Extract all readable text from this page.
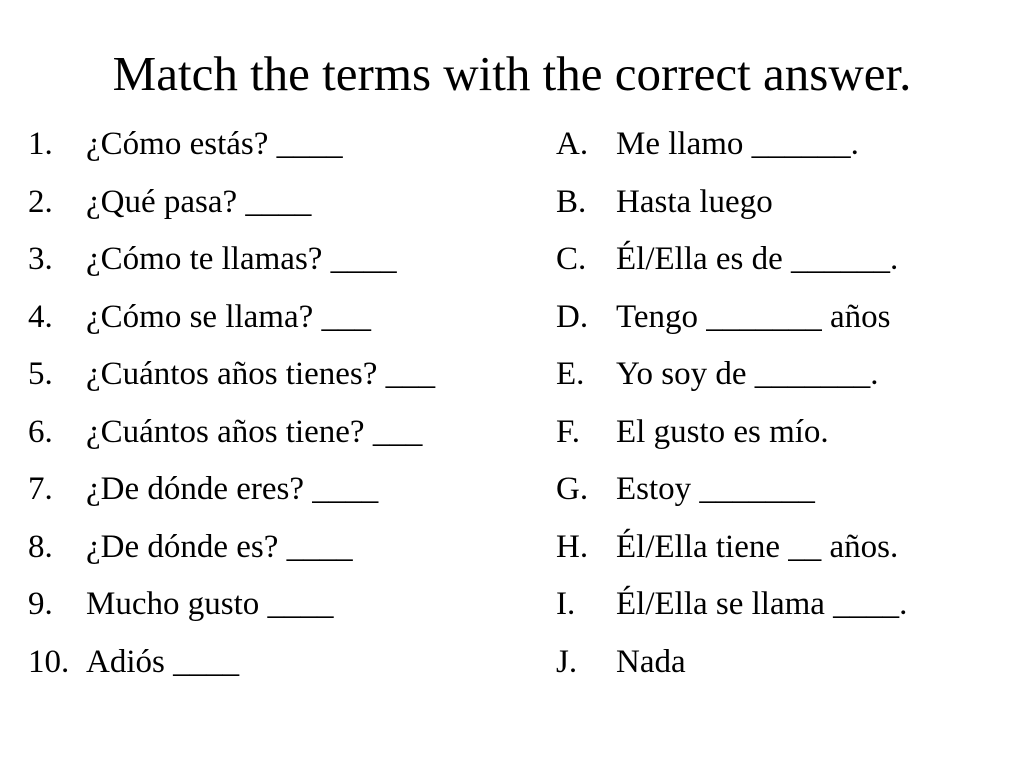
Match the terms with the correct answer.
1. ¿Cómo estás? ____
2. ¿Qué pasa? ____
3. ¿Cómo te llamas? ____
4. ¿Cómo se llama? ___
5. ¿Cuántos años tienes? ___
6. ¿Cuántos años tiene? ___
7. ¿De dónde eres? ____
8. ¿De dónde es? ____
9. Mucho gusto ____
10. Adiós ____
A. Me llamo ______.
B. Hasta luego
C. Él/Ella es de ______.
D. Tengo _______ años
E. Yo soy de _______.
F. El gusto es mío.
G. Estoy _______
H. Él/Ella tiene __ años.
I. Él/Ella se llama ____.
J. Nada
